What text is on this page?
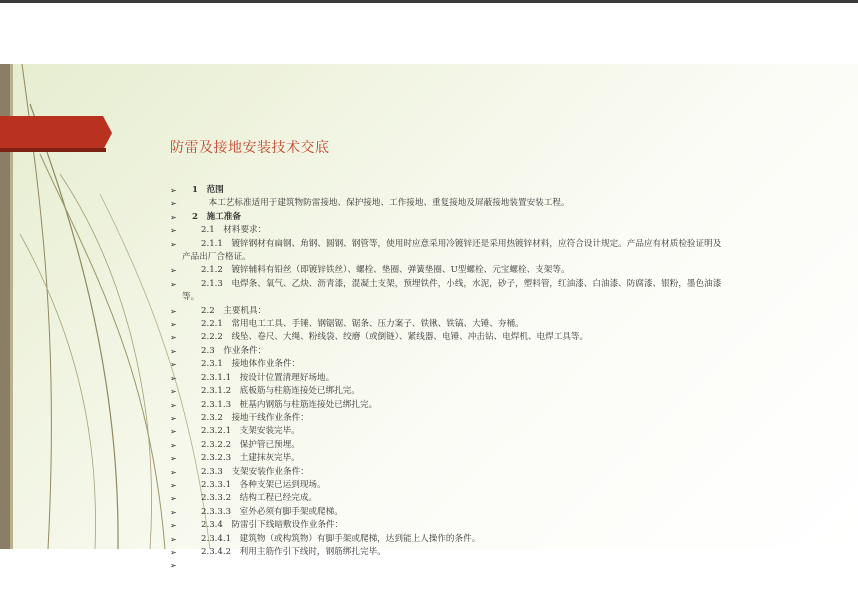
防雷及接地安装技术交底
➢	1　范围
➢	　本工艺标准适用于建筑物防雷接地、保护接地、工作接地、重复接地及屏蔽接地装置安装工程。
➢	2　施工准备
➢	2.1　材料要求：
➢	2.1.1　镀锌钢材有扁钢、角钢、圆钢、钢管等，使用时应意采用冷镀锌还是采用热镀锌材料，应符合设计规定。产品应有材质检验证明及
产品出厂合格证。
➢	2.1.2　镀锌辅料有铅丝（即镀锌铁丝）、螺栓、垫圈、弹簧垫圈、U型螺栓、元宝螺栓、支架等。
➢	2.1.3　电焊条、氧气、乙炔、沥青漆，混凝土支架，预埋铁件，小线，水泥，砂子，塑料管，红油漆、白油漆、防腐漆、银粉，墨色油漆
等。
➢	2.2　主要机具：
➢	2.2.1　常用电工工具、手锤、钢锯锯、锯条、压力案子、铁锹、铁镐、大锤、夯桶。
➢	2.2.2　线坠、卷尺、大绳、粉线袋、绞磨（或倒链）、紧线器、电锤、冲击钻、电焊机、电焊工具等。
➢	2.3　作业条件：
➢	2.3.1　接地体作业条件：
➢	2.3.1.1　按设计位置清理好场地。
➢	2.3.1.2　底板筋与柱筋连接处已绑扎完。
➢	2.3.1.3　桩基内钢筋与柱筋连接处已绑扎完。
➢	2.3.2　接地干线作业条件：
➢	2.3.2.1　支架安装完毕。
➢	2.3.2.2　保护管已预埋。
➢	2.3.2.3　土建抹灰完毕。
➢	2.3.3　支架安装作业条件：
➢	2.3.3.1　各种支架已运到现场。
➢	2.3.3.2　结构工程已经完成。
➢	2.3.3.3　室外必须有脚手架或爬梯。
➢	2.3.4　防雷引下线暗敷设作业条件：
➢	2.3.4.1　建筑物（或构筑物）有脚手架或爬梯，达到能上人操作的条件。
➢	2.3.4.2　利用主筋作引下线时，钢筋绑扎完毕。
➢
